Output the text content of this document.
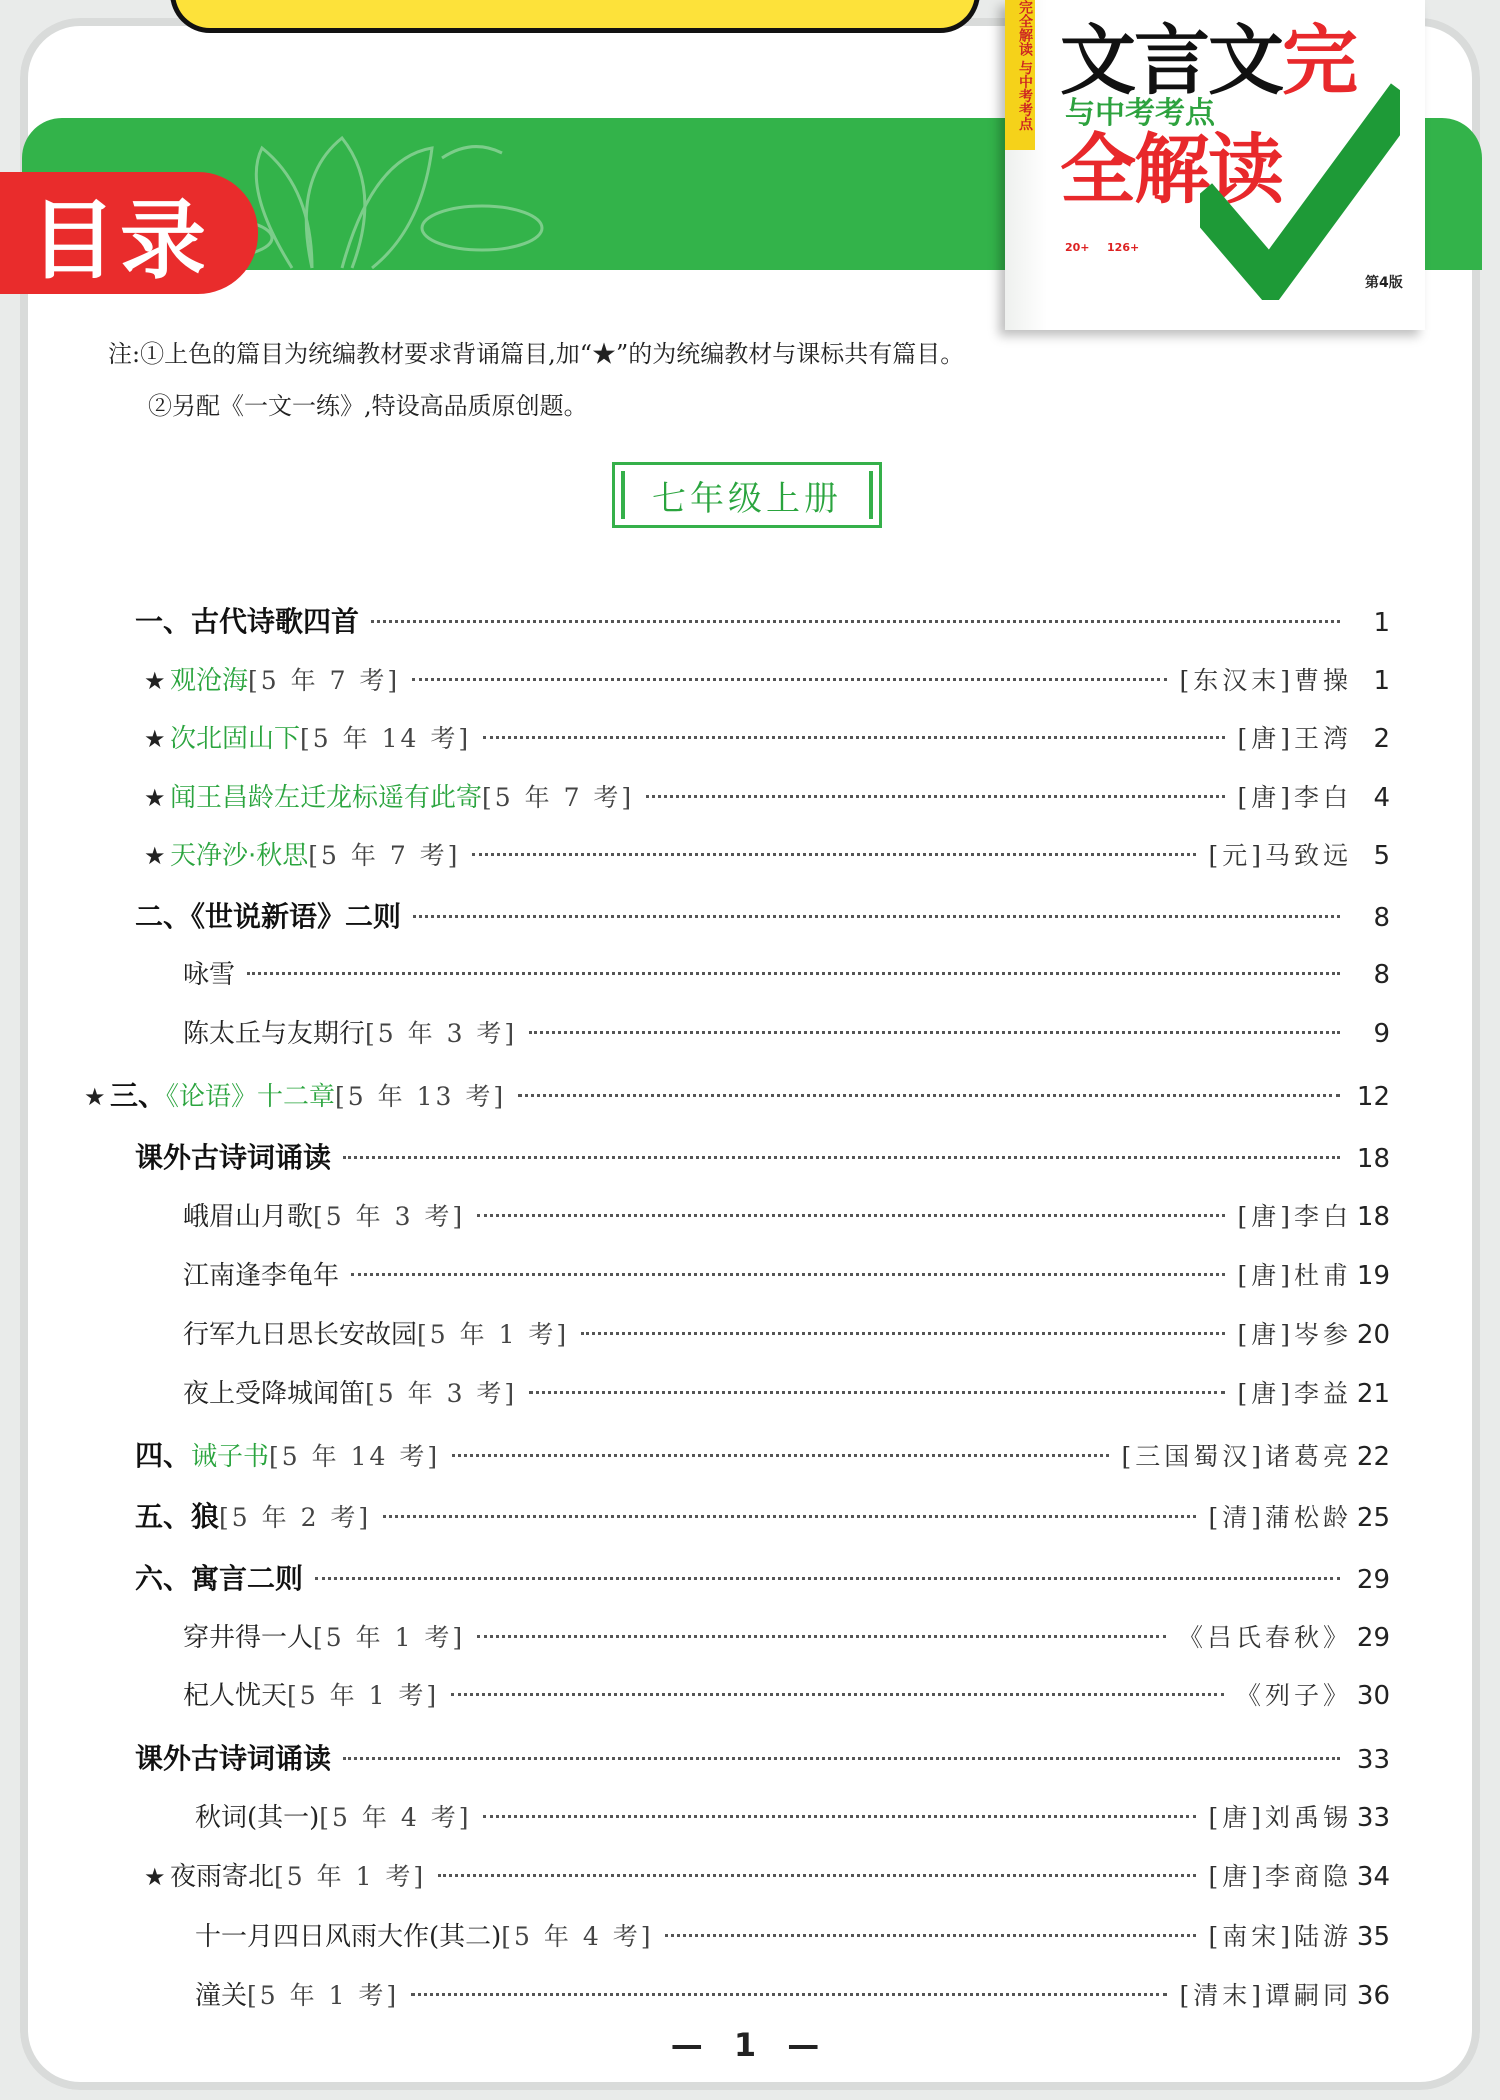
目录
完全解读 与中考考点 文言文完全解读
与中考考点
20+ 126+
第4版
注:①上色的篇目为统编教材要求背诵篇目,加“★”的为统编教材与课标共有篇目。
②另配《一文一练》,特设高品质原创题。
七年级上册
一、古代诗歌四首	1
★ 观沧海[5 年 7 考]	[东汉末]曹操 1
★ 次北固山下[5 年 14 考]	[唐]王湾 2
★ 闻王昌龄左迁龙标遥有此寄[5 年 7 考]	[唐]李白 4
★ 天净沙·秋思[5 年 7 考]	[元]马致远 5
二、《世说新语》二则	8
咏雪	8
陈太丘与友期行[5 年 3 考]	9
★ 三、《论语》十二章[5 年 13 考]	12
课外古诗词诵读	18
峨眉山月歌[5 年 3 考]	[唐]李白 18
江南逢李龟年	[唐]杜甫 19
行军九日思长安故园[5 年 1 考]	[唐]岑参 20
夜上受降城闻笛[5 年 3 考]	[唐]李益 21
四、诫子书[5 年 14 考]	[三国蜀汉]诸葛亮 22
五、狼[5 年 2 考]	[清]蒲松龄 25
六、寓言二则	29
穿井得一人[5 年 1 考]	《吕氏春秋》 29
杞人忧天[5 年 1 考]	《列子》 30
课外古诗词诵读	33
秋词(其一)[5 年 4 考]	[唐]刘禹锡 33
★ 夜雨寄北[5 年 1 考]	[唐]李商隐 34
十一月四日风雨大作(其二)[5 年 4 考]	[南宋]陆游 35
潼关[5 年 1 考]	[清末]谭嗣同 36
— 1 —
